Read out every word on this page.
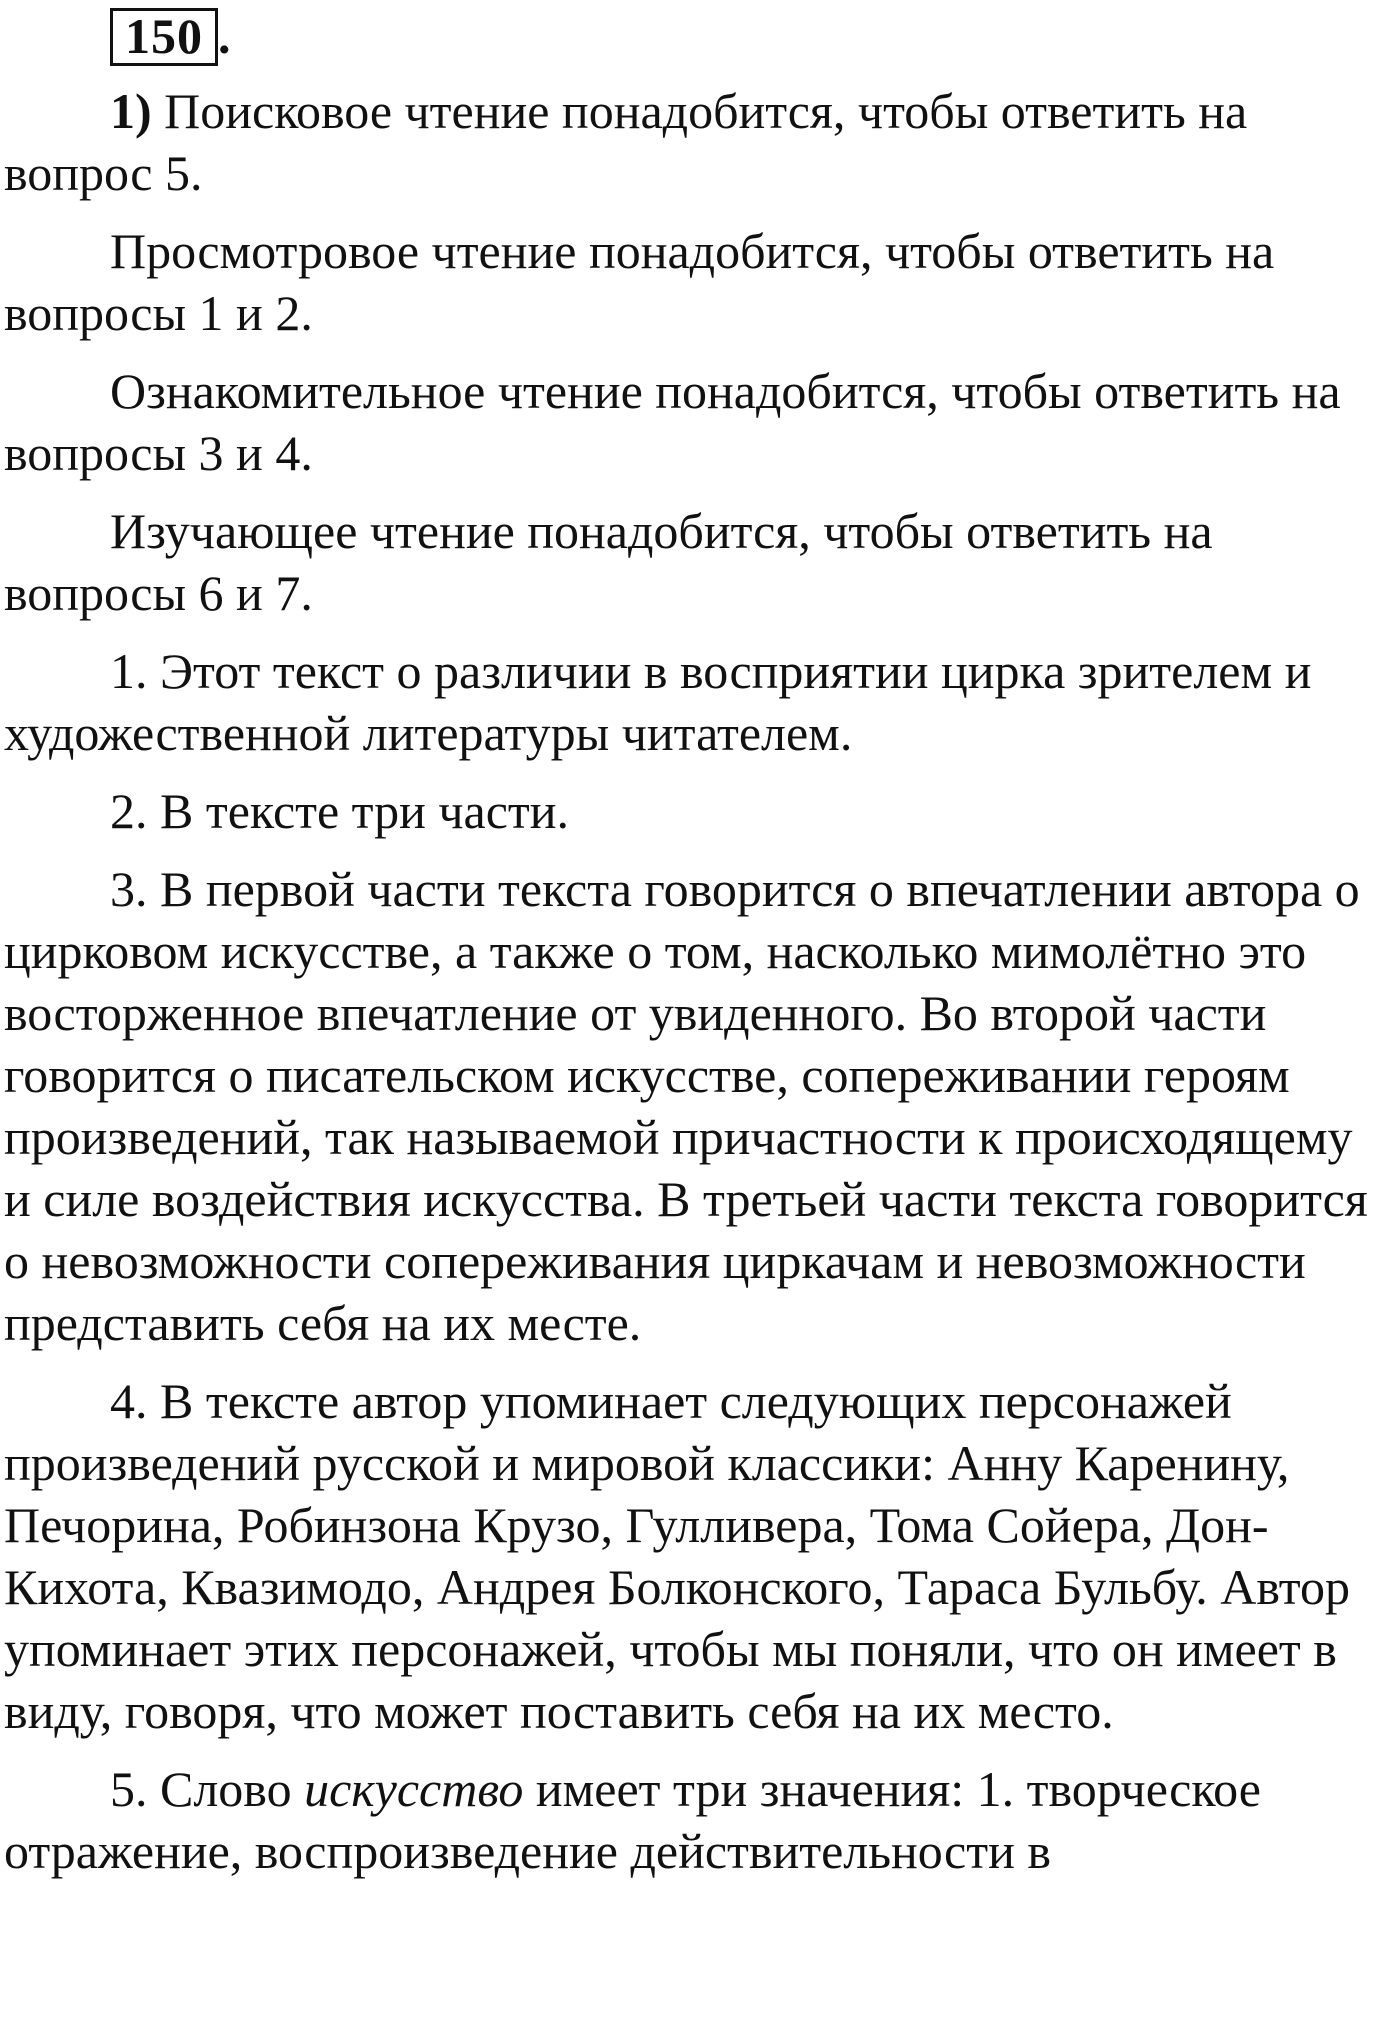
150 .

1) Поисковое чтение понадобится, чтобы ответить на вопрос 5.

Просмотровое чтение понадобится, чтобы ответить на вопросы 1 и 2.

Ознакомительное чтение понадобится, чтобы ответить на вопросы 3 и 4.

Изучающее чтение понадобится, чтобы ответить на вопросы 6 и 7.

1. Этот текст о различии в восприятии цирка зрителем и художественной литературы читателем.

2. В тексте три части.

3. В первой части текста говорится о впечатлении автора о цирковом искусстве, а также о том, насколько мимолётно это восторженное впечатление от увиденного. Во второй части говорится о писательском искусстве, сопереживании героям произведений, так называемой причастности к происходящему и силе воздействия искусства. В третьей части текста говорится о невозможности сопереживания циркачам и невозможности представить себя на их месте.

4. В тексте автор упоминает следующих персонажей произведений русской и мировой классики: Анну Каренину, Печорина, Робинзона Крузо, Гулливера, Тома Сойера, Дон-Кихота, Квазимодо, Андрея Болконского, Тараса Бульбу. Автор упоминает этих персонажей, чтобы мы поняли, что он имеет в виду, говоря, что может поставить себя на их место.

5. Слово искусство имеет три значения: 1. творческое отражение, воспроизведение действительности в
